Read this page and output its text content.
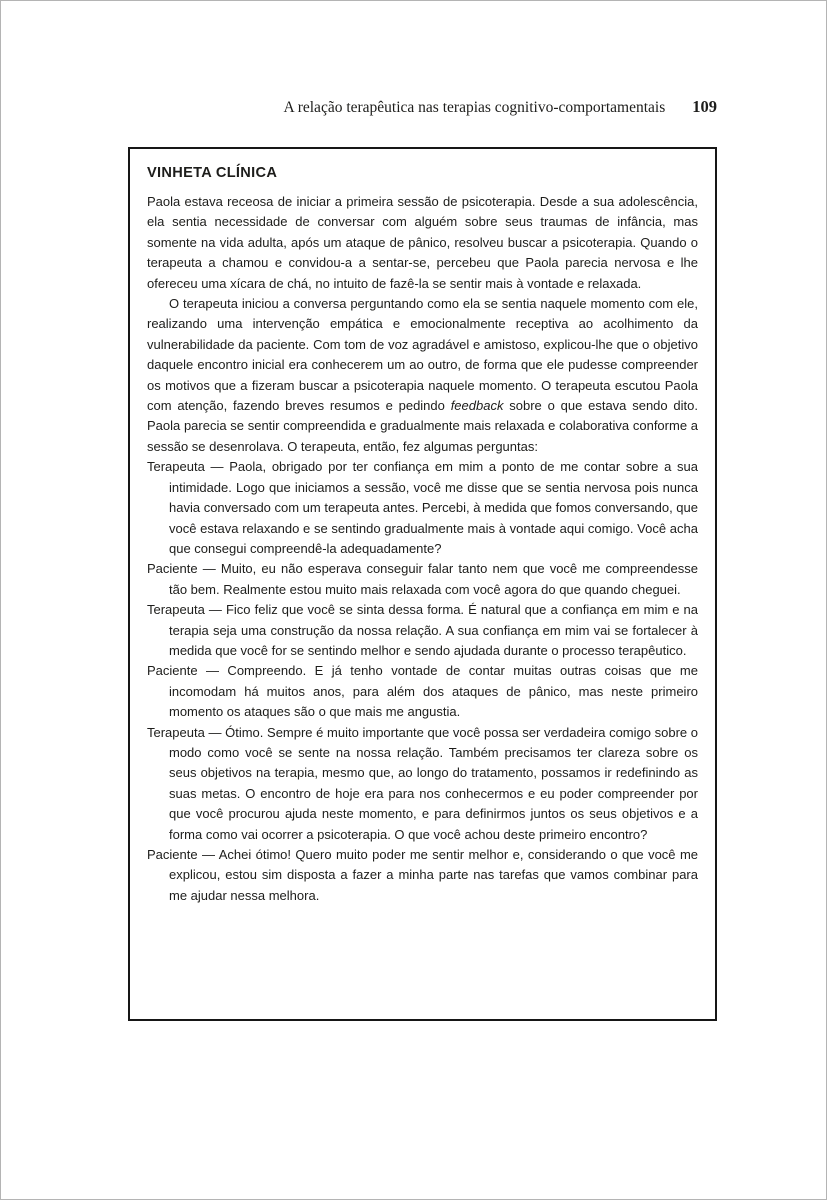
A relação terapêutica nas terapias cognitivo-comportamentais 109
VINHETA CLÍNICA
Paola estava receosa de iniciar a primeira sessão de psicoterapia. Desde a sua adolescência, ela sentia necessidade de conversar com alguém sobre seus traumas de infância, mas somente na vida adulta, após um ataque de pânico, resolveu buscar a psicoterapia. Quando o terapeuta a chamou e convidou-a a sentar-se, percebeu que Paola parecia nervosa e lhe ofereceu uma xícara de chá, no intuito de fazê-la se sentir mais à vontade e relaxada.
O terapeuta iniciou a conversa perguntando como ela se sentia naquele momento com ele, realizando uma intervenção empática e emocionalmente receptiva ao acolhimento da vulnerabilidade da paciente. Com tom de voz agradável e amistoso, explicou-lhe que o objetivo daquele encontro inicial era conhecerem um ao outro, de forma que ele pudesse compreender os motivos que a fizeram buscar a psicoterapia naquele momento. O terapeuta escutou Paola com atenção, fazendo breves resumos e pedindo feedback sobre o que estava sendo dito. Paola parecia se sentir compreendida e gradualmente mais relaxada e colaborativa conforme a sessão se desenrolava. O terapeuta, então, fez algumas perguntas:
Terapeuta — Paola, obrigado por ter confiança em mim a ponto de me contar sobre a sua intimidade. Logo que iniciamos a sessão, você me disse que se sentia nervosa pois nunca havia conversado com um terapeuta antes. Percebi, à medida que fomos conversando, que você estava relaxando e se sentindo gradualmente mais à vontade aqui comigo. Você acha que consegui compreendê-la adequadamente?
Paciente — Muito, eu não esperava conseguir falar tanto nem que você me compreendesse tão bem. Realmente estou muito mais relaxada com você agora do que quando cheguei.
Terapeuta — Fico feliz que você se sinta dessa forma. É natural que a confiança em mim e na terapia seja uma construção da nossa relação. A sua confiança em mim vai se fortalecer à medida que você for se sentindo melhor e sendo ajudada durante o processo terapêutico.
Paciente — Compreendo. E já tenho vontade de contar muitas outras coisas que me incomodam há muitos anos, para além dos ataques de pânico, mas neste primeiro momento os ataques são o que mais me angustia.
Terapeuta — Ótimo. Sempre é muito importante que você possa ser verdadeira comigo sobre o modo como você se sente na nossa relação. Também precisamos ter clareza sobre os seus objetivos na terapia, mesmo que, ao longo do tratamento, possamos ir redefinindo as suas metas. O encontro de hoje era para nos conhecermos e eu poder compreender por que você procurou ajuda neste momento, e para definirmos juntos os seus objetivos e a forma como vai ocorrer a psicoterapia. O que você achou deste primeiro encontro?
Paciente — Achei ótimo! Quero muito poder me sentir melhor e, considerando o que você me explicou, estou sim disposta a fazer a minha parte nas tarefas que vamos combinar para me ajudar nessa melhora.
